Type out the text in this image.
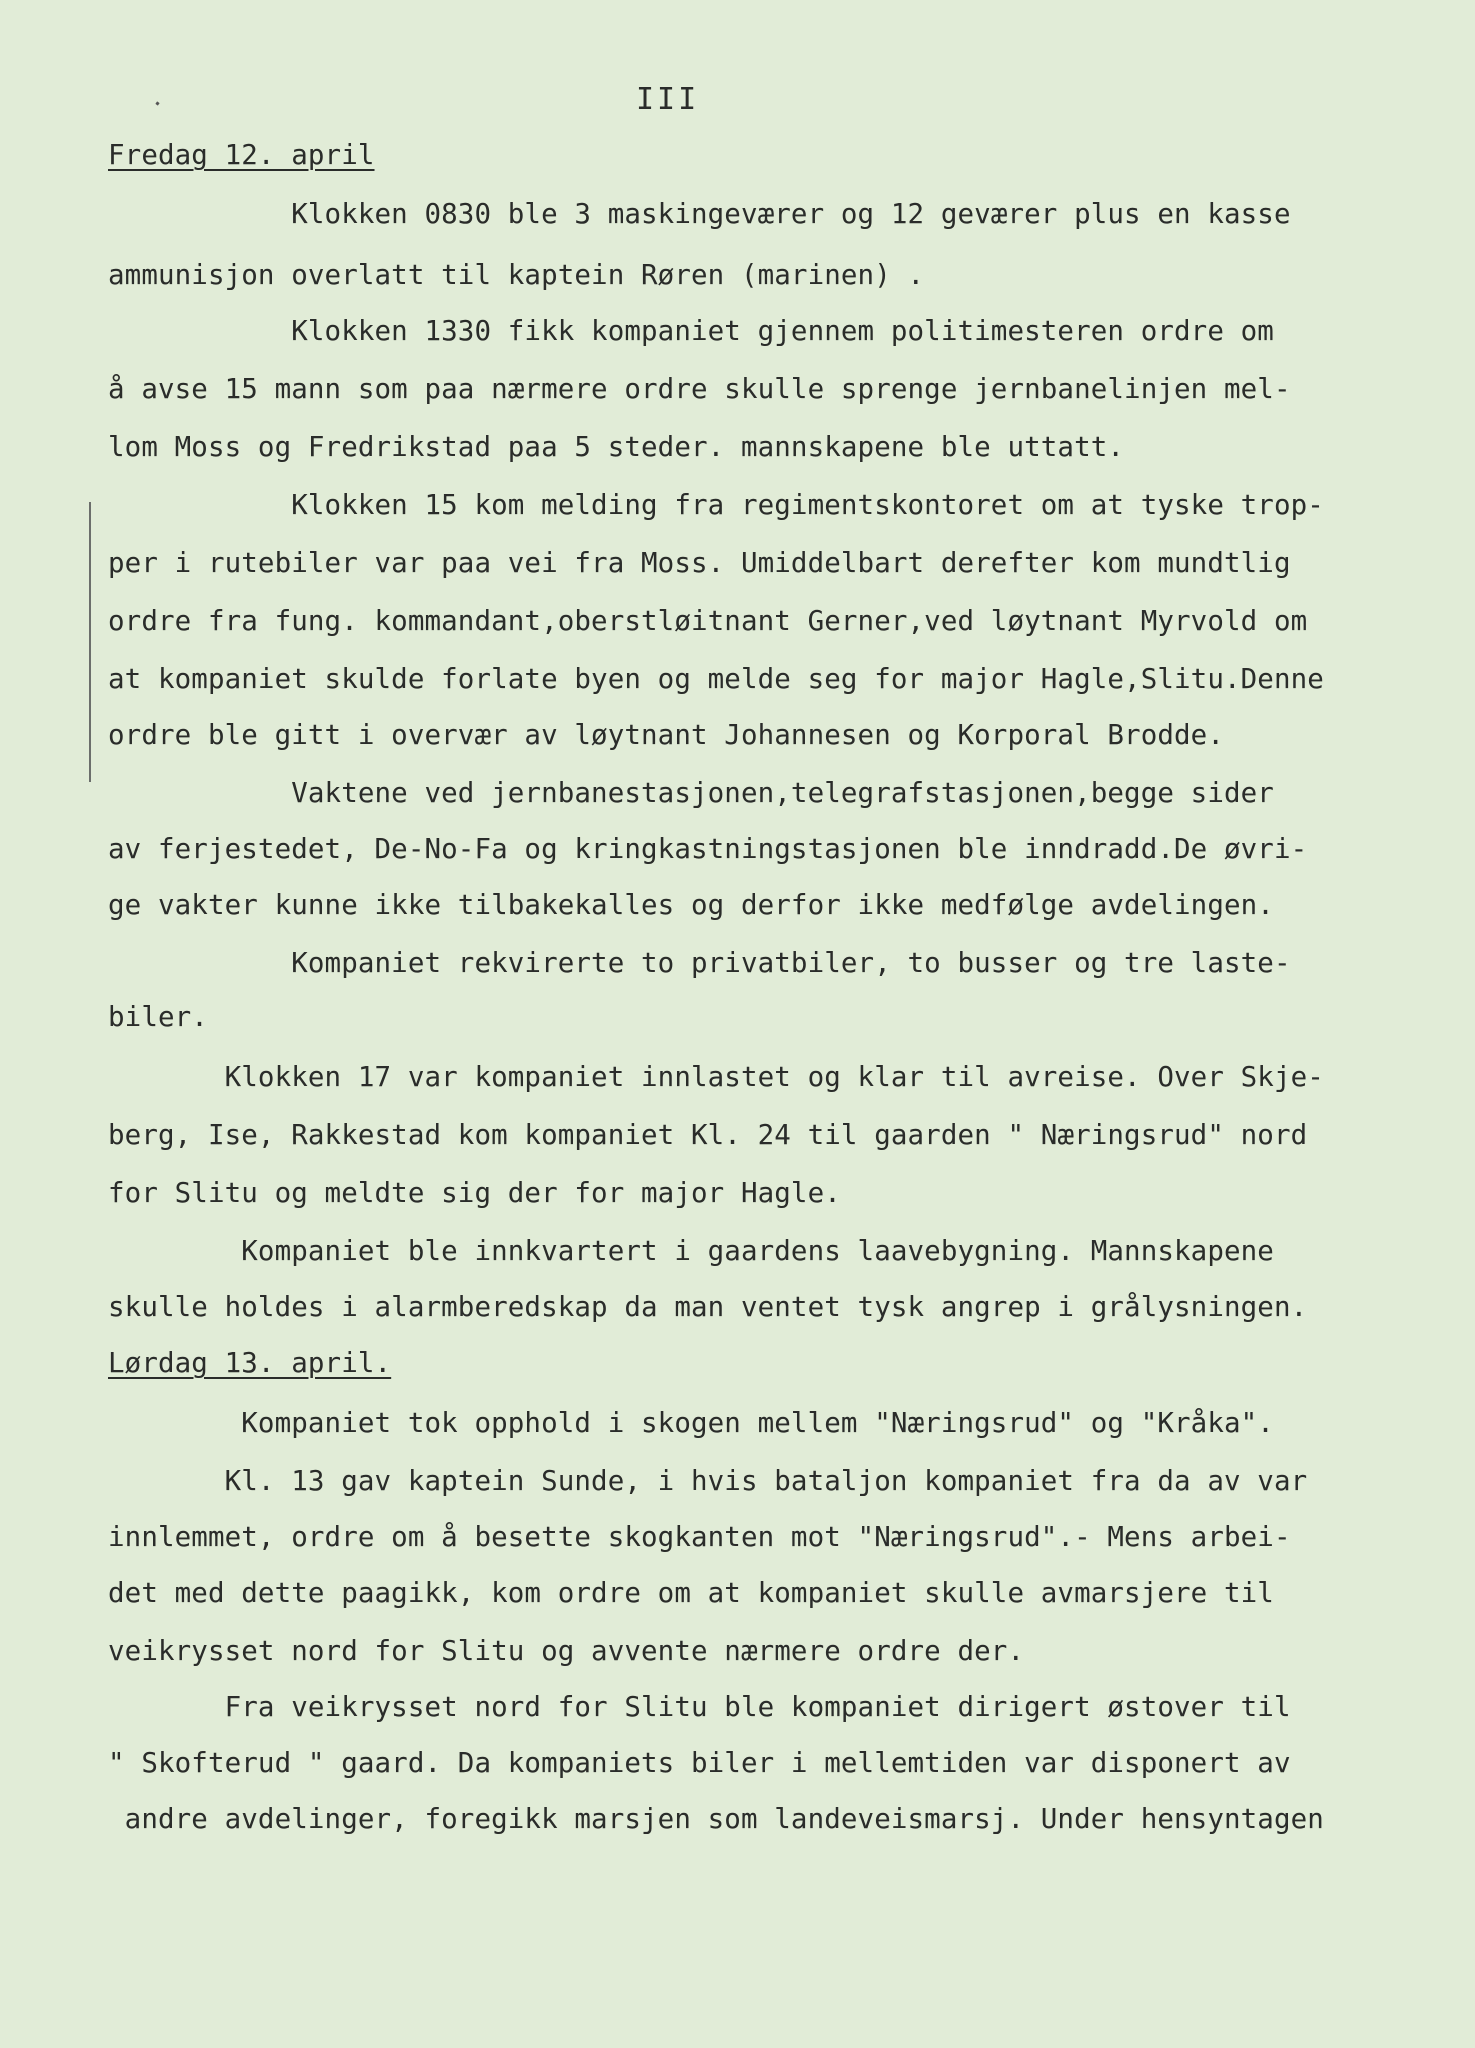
III
Fredag 12. april
Klokken 0830 ble 3 maskingeværer og 12 geværer plus en kasse
ammunisjon overlatt til kaptein Røren (marinen) .
Klokken 1330 fikk kompaniet gjennem politimesteren ordre om
å avse 15 mann som paa nærmere ordre skulle sprenge jernbanelinjen mel-
lom Moss og Fredrikstad paa 5 steder. mannskapene ble uttatt.
Klokken 15 kom melding fra regimentskontoret om at tyske trop-
per i rutebiler var paa vei fra Moss. Umiddelbart derefter kom mundtlig
ordre fra fung. kommandant,oberstløitnant Gerner,ved løytnant Myrvold om
at kompaniet skulde forlate byen og melde seg for major Hagle,Slitu.Denne
ordre ble gitt i overvær av løytnant Johannesen og Korporal Brodde.
Vaktene ved jernbanestasjonen,telegrafstasjonen,begge sider
av ferjestedet, De-No-Fa og kringkastningstasjonen ble inndradd.De øvri-
ge vakter kunne ikke tilbakekalles og derfor ikke medfølge avdelingen.
Kompaniet rekvirerte to privatbiler, to busser og tre laste-
biler.
Klokken 17 var kompaniet innlastet og klar til avreise. Over Skje-
berg, Ise, Rakkestad kom kompaniet Kl. 24 til gaarden " Næringsrud" nord
for Slitu og meldte sig der for major Hagle.
Kompaniet ble innkvartert i gaardens laavebygning. Mannskapene
skulle holdes i alarmberedskap da man ventet tysk angrep i grålysningen.
Lørdag 13. april.
Kompaniet tok opphold i skogen mellem "Næringsrud" og "Kråka".
Kl. 13 gav kaptein Sunde, i hvis bataljon kompaniet fra da av var
innlemmet, ordre om å besette skogkanten mot "Næringsrud".- Mens arbei-
det med dette paagikk, kom ordre om at kompaniet skulle avmarsjere til
veikrysset nord for Slitu og avvente nærmere ordre der.
Fra veikrysset nord for Slitu ble kompaniet dirigert østover til
" Skofterud " gaard. Da kompaniets biler i mellemtiden var disponert av
andre avdelinger, foregikk marsjen som landeveismarsj. Under hensyntagen
